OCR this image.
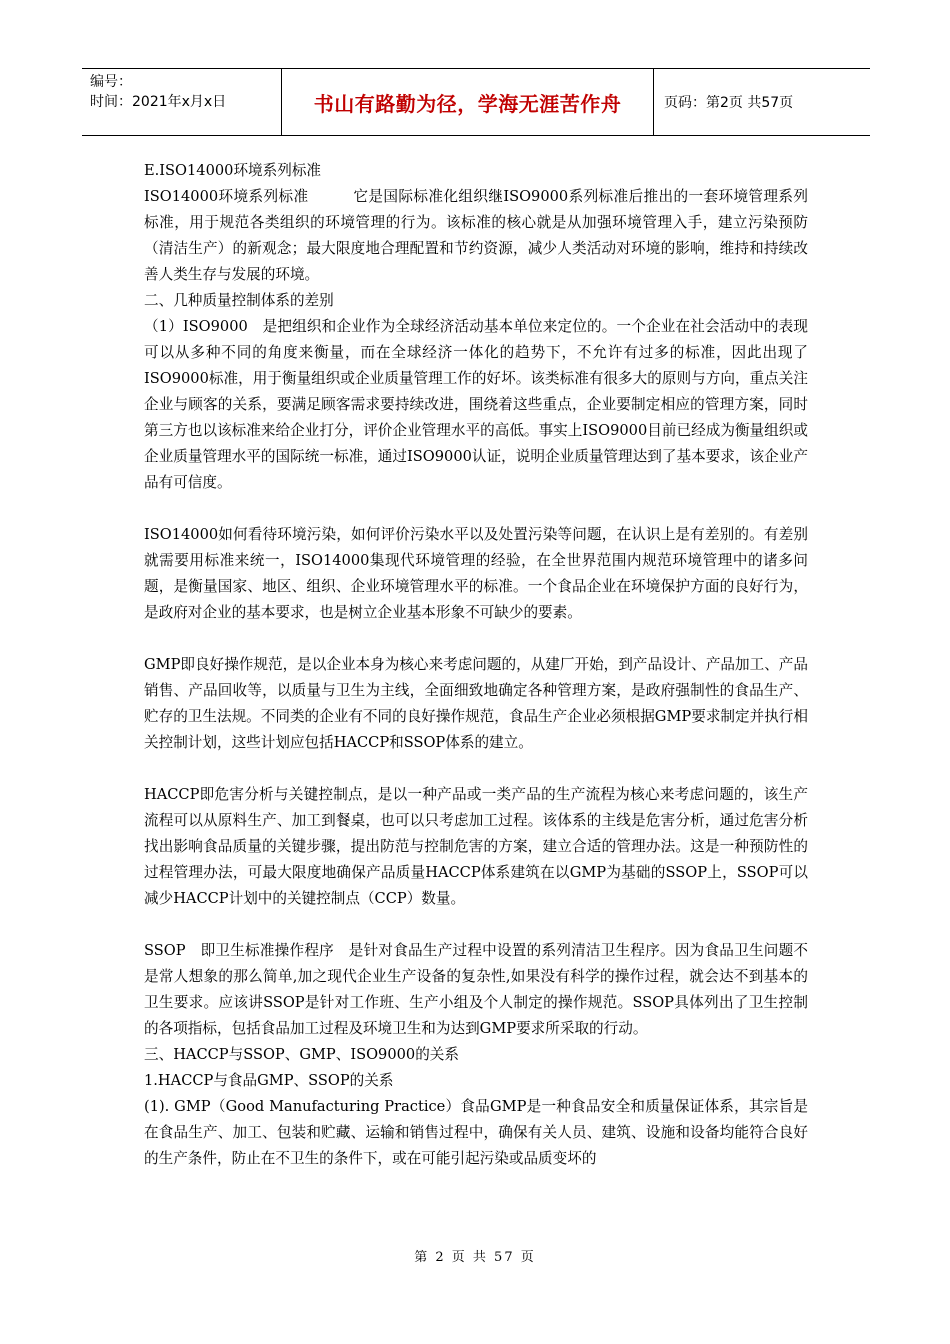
编号：
时间：2021年x月x日	书山有路勤为径，学海无涯苦作舟	页码：第2页 共57页

E.ISO14000环境系列标准

ISO14000环境系列标准　　　它是国际标准化组织继ISO9000系列标准后推出的一套环境管理系列标准，用于规范各类组织的环境管理的行为。该标准的核心就是从加强环境管理入手，建立污染预防（清洁生产）的新观念；最大限度地合理配置和节约资源，减少人类活动对环境的影响，维持和持续改善人类生存与发展的环境。

二、几种质量控制体系的差别

（1）ISO9000　是把组织和企业作为全球经济活动基本单位来定位的。一个企业在社会活动中的表现可以从多种不同的角度来衡量，而在全球经济一体化的趋势下，不允许有过多的标准，因此出现了ISO9000标准，用于衡量组织或企业质量管理工作的好坏。该类标准有很多大的原则与方向，重点关注企业与顾客的关系，要满足顾客需求要持续改进，围绕着这些重点，企业要制定相应的管理方案，同时第三方也以该标准来给企业打分，评价企业管理水平的高低。事实上ISO9000目前已经成为衡量组织或企业质量管理水平的国际统一标准，通过ISO9000认证，说明企业质量管理达到了基本要求，该企业产品有可信度。

ISO14000如何看待环境污染，如何评价污染水平以及处置污染等问题，在认识上是有差别的。有差别就需要用标准来统一，ISO14000集现代环境管理的经验，在全世界范围内规范环境管理中的诸多问题，是衡量国家、地区、组织、企业环境管理水平的标准。一个食品企业在环境保护方面的良好行为，是政府对企业的基本要求，也是树立企业基本形象不可缺少的要素。

GMP即良好操作规范，是以企业本身为核心来考虑问题的，从建厂开始，到产品设计、产品加工、产品销售、产品回收等，以质量与卫生为主线，全面细致地确定各种管理方案，是政府强制性的食品生产、贮存的卫生法规。不同类的企业有不同的良好操作规范，食品生产企业必须根据GMP要求制定并执行相关控制计划，这些计划应包括HACCP和SSOP体系的建立。

HACCP即危害分析与关键控制点，是以一种产品或一类产品的生产流程为核心来考虑问题的，该生产流程可以从原料生产、加工到餐桌，也可以只考虑加工过程。该体系的主线是危害分析，通过危害分析找出影响食品质量的关键步骤，提出防范与控制危害的方案，建立合适的管理办法。这是一种预防性的过程管理办法，可最大限度地确保产品质量HACCP体系建筑在以GMP为基础的SSOP上，SSOP可以减少HACCP计划中的关键控制点（CCP）数量。

SSOP　即卫生标准操作程序　是针对食品生产过程中设置的系列清洁卫生程序。因为食品卫生问题不是常人想象的那么简单,加之现代企业生产设备的复杂性,如果没有科学的操作过程，就会达不到基本的卫生要求。应该讲SSOP是针对工作班、生产小组及个人制定的操作规范。SSOP具体列出了卫生控制的各项指标，包括食品加工过程及环境卫生和为达到GMP要求所采取的行动。

三、HACCP与SSOP、GMP、ISO9000的关系

1.HACCP与食品GMP、SSOP的关系

(1). GMP（Good Manufacturing Practice）食品GMP是一种食品安全和质量保证体系，其宗旨是在食品生产、加工、包装和贮藏、运输和销售过程中，确保有关人员、建筑、设施和设备均能符合良好的生产条件，防止在不卫生的条件下，或在可能引起污染或品质变坏的

第 2 页 共 57 页
